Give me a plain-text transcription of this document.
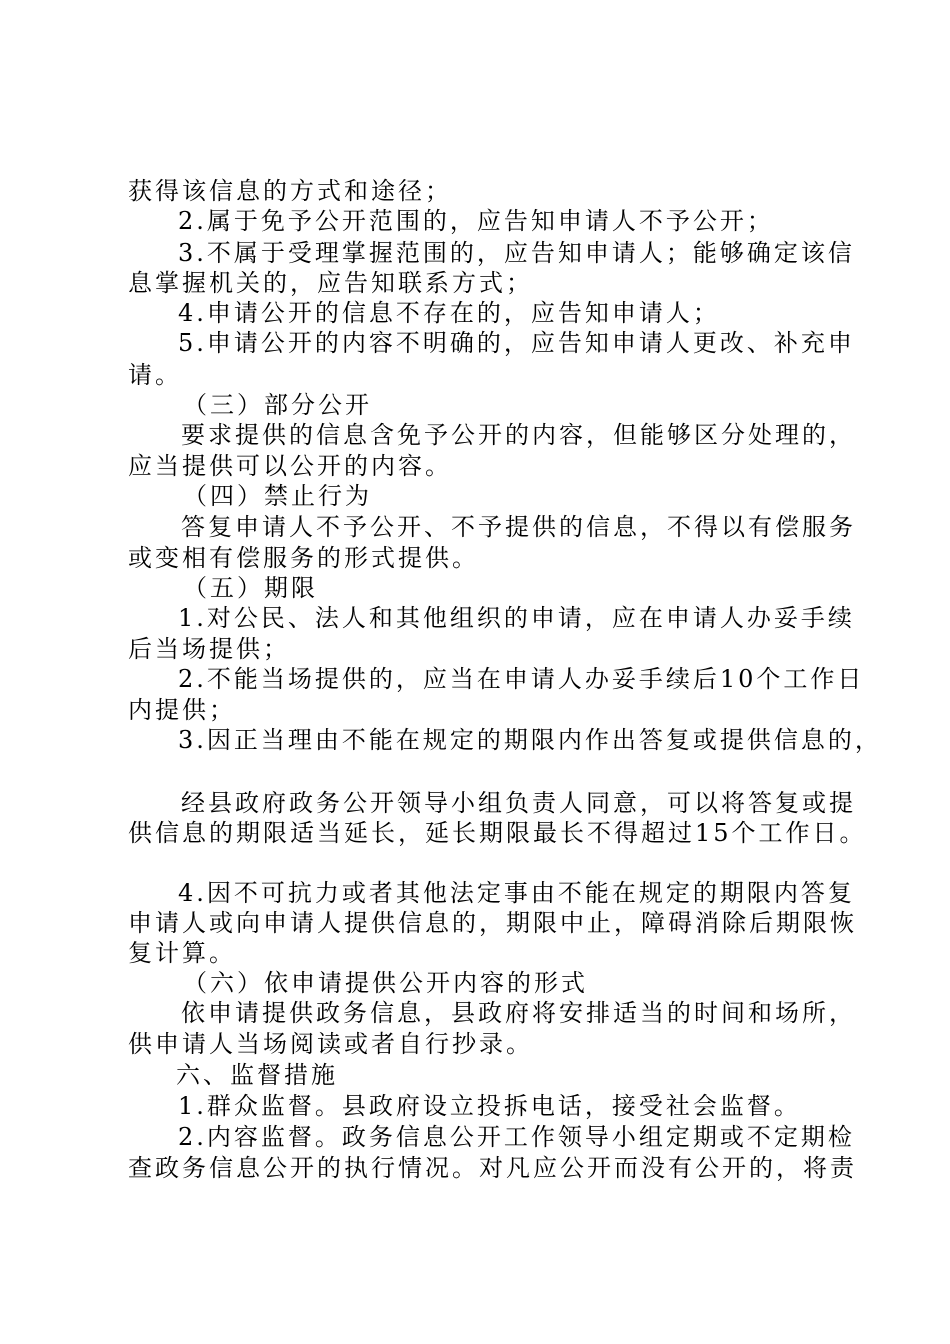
获得该信息的方式和途径；
2.属于免予公开范围的，应告知申请人不予公开；
3.不属于受理掌握范围的，应告知申请人；能够确定该信
息掌握机关的，应告知联系方式；
4.申请公开的信息不存在的，应告知申请人；
5.申请公开的内容不明确的，应告知申请人更改、补充申
请。
（三）部分公开
要求提供的信息含免予公开的内容，但能够区分处理的，
应当提供可以公开的内容。
（四）禁止行为
答复申请人不予公开、不予提供的信息，不得以有偿服务
或变相有偿服务的形式提供。
（五）期限
1.对公民、法人和其他组织的申请，应在申请人办妥手续
后当场提供；
2.不能当场提供的，应当在申请人办妥手续后10个工作日
内提供；
3.因正当理由不能在规定的期限内作出答复或提供信息的，
经县政府政务公开领导小组负责人同意，可以将答复或提
供信息的期限适当延长，延长期限最长不得超过15个工作日。
4.因不可抗力或者其他法定事由不能在规定的期限内答复
申请人或向申请人提供信息的，期限中止，障碍消除后期限恢
复计算。
（六）依申请提供公开内容的形式
依申请提供政务信息，县政府将安排适当的时间和场所，
供申请人当场阅读或者自行抄录。
六、监督措施
1.群众监督。县政府设立投拆电话，接受社会监督。
2.内容监督。政务信息公开工作领导小组定期或不定期检
查政务信息公开的执行情况。对凡应公开而没有公开的，将责
